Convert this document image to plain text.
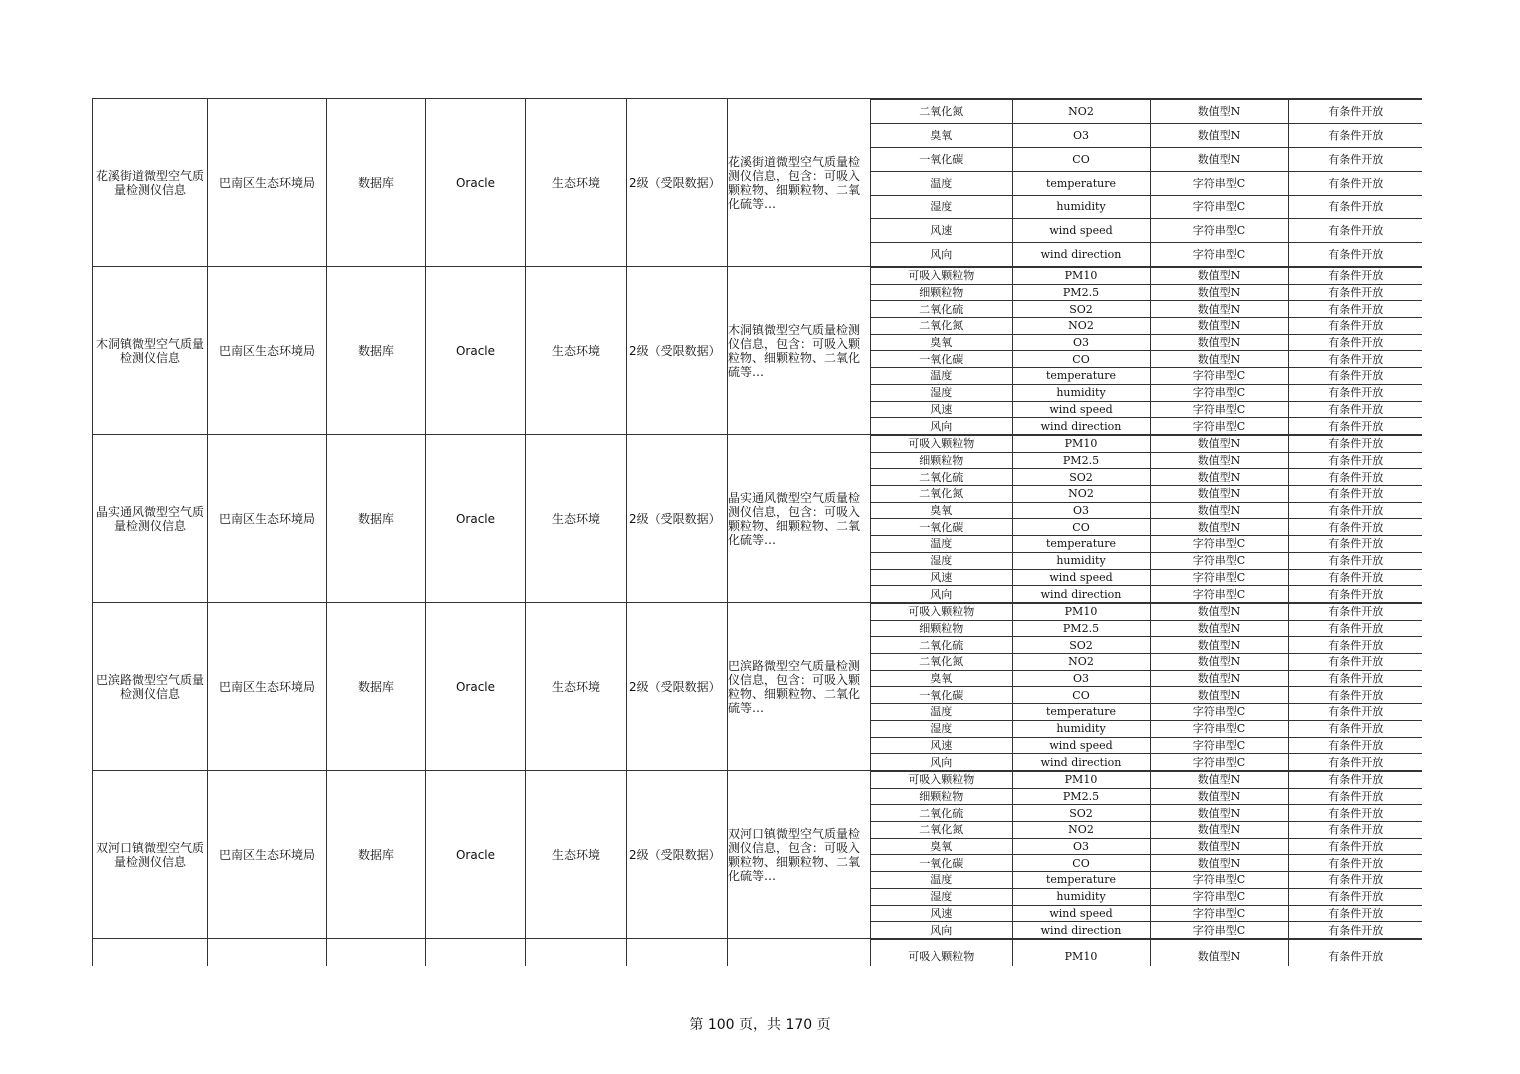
花溪街道微型空气质量检测仪信息	巴南区生态环境局	数据库	Oracle	生态环境	2级（受限数据）	花溪街道微型空气质量检测仪信息，包含：可吸入颗粒物、细颗粒物、二氧化硫等…	
二氧化氮	NO2	数值型N	有条件开放
臭氧	O3	数值型N	有条件开放
一氧化碳	CO	数值型N	有条件开放
温度	temperature	字符串型C	有条件开放
湿度	humidity	字符串型C	有条件开放
风速	wind speed	字符串型C	有条件开放
风向	wind direction	字符串型C	有条件开放

木洞镇微型空气质量检测仪信息	巴南区生态环境局	数据库	Oracle	生态环境	2级（受限数据）	木洞镇微型空气质量检测仪信息，包含：可吸入颗粒物、细颗粒物、二氧化硫等…	
可吸入颗粒物	PM10	数值型N	有条件开放
细颗粒物	PM2.5	数值型N	有条件开放
二氧化硫	SO2	数值型N	有条件开放
二氧化氮	NO2	数值型N	有条件开放
臭氧	O3	数值型N	有条件开放
一氧化碳	CO	数值型N	有条件开放
温度	temperature	字符串型C	有条件开放
湿度	humidity	字符串型C	有条件开放
风速	wind speed	字符串型C	有条件开放
风向	wind direction	字符串型C	有条件开放

晶实通风微型空气质量检测仪信息	巴南区生态环境局	数据库	Oracle	生态环境	2级（受限数据）	晶实通风微型空气质量检测仪信息，包含：可吸入颗粒物、细颗粒物、二氧化硫等…	
可吸入颗粒物	PM10	数值型N	有条件开放
细颗粒物	PM2.5	数值型N	有条件开放
二氧化硫	SO2	数值型N	有条件开放
二氧化氮	NO2	数值型N	有条件开放
臭氧	O3	数值型N	有条件开放
一氧化碳	CO	数值型N	有条件开放
温度	temperature	字符串型C	有条件开放
湿度	humidity	字符串型C	有条件开放
风速	wind speed	字符串型C	有条件开放
风向	wind direction	字符串型C	有条件开放

巴滨路微型空气质量检测仪信息	巴南区生态环境局	数据库	Oracle	生态环境	2级（受限数据）	巴滨路微型空气质量检测仪信息，包含：可吸入颗粒物、细颗粒物、二氧化硫等…	
可吸入颗粒物	PM10	数值型N	有条件开放
细颗粒物	PM2.5	数值型N	有条件开放
二氧化硫	SO2	数值型N	有条件开放
二氧化氮	NO2	数值型N	有条件开放
臭氧	O3	数值型N	有条件开放
一氧化碳	CO	数值型N	有条件开放
温度	temperature	字符串型C	有条件开放
湿度	humidity	字符串型C	有条件开放
风速	wind speed	字符串型C	有条件开放
风向	wind direction	字符串型C	有条件开放

双河口镇微型空气质量检测仪信息	巴南区生态环境局	数据库	Oracle	生态环境	2级（受限数据）	双河口镇微型空气质量检测仪信息，包含：可吸入颗粒物、细颗粒物、二氧化硫等…	
可吸入颗粒物	PM10	数值型N	有条件开放
细颗粒物	PM2.5	数值型N	有条件开放
二氧化硫	SO2	数值型N	有条件开放
二氧化氮	NO2	数值型N	有条件开放
臭氧	O3	数值型N	有条件开放
一氧化碳	CO	数值型N	有条件开放
温度	temperature	字符串型C	有条件开放
湿度	humidity	字符串型C	有条件开放
风速	wind speed	字符串型C	有条件开放
风向	wind direction	字符串型C	有条件开放

可吸入颗粒物	PM10	数值型N	有条件开放

第 100 页，共 170 页
